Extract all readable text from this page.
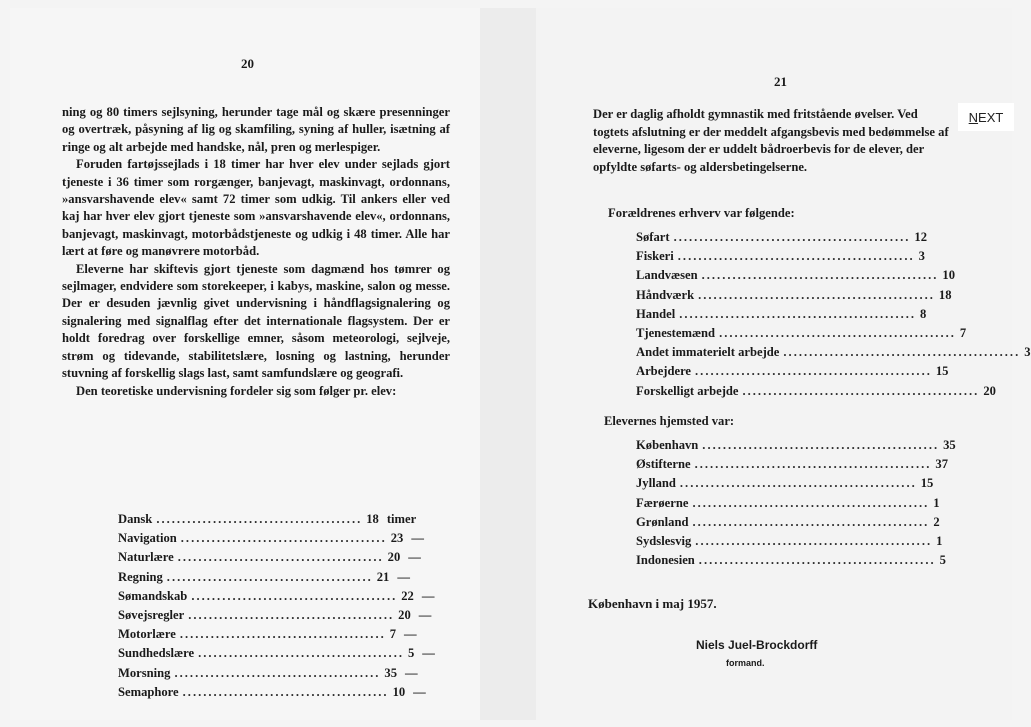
20

ning og 80 timers sejlsyning, herunder tage mål og skære presenninger og overtræk, påsyning af lig og skamfiling, syning af huller, isætning af ringe og alt arbejde med handske, nål, pren og merlespiger.

Foruden fartøjssejlads i 18 timer har hver elev under sejlads gjort tjeneste i 36 timer som rorgænger, banjevagt, maskinvagt, ordonnans, »ansvarshavende elev« samt 72 timer som udkig. Til ankers eller ved kaj har hver elev gjort tjeneste som »ansvarshavende elev«, ordonnans, banjevagt, maskinvagt, motorbådstjeneste og udkig i 48 timer. Alle har lært at føre og manøvrere motorbåd.

Eleverne har skiftevis gjort tjeneste som dagmænd hos tømrer og sejlmager, endvidere som storekeeper, i kabys, maskine, salon og messe. Der er desuden jævnlig givet undervisning i håndflagsignalering og signalering med signalflag efter det internationale flagsystem. Der er holdt foredrag over forskellige emner, såsom meteorologi, sejlveje, strøm og tidevande, stabilitetslære, losning og lastning, herunder stuvning af forskellig slags last, samt samfundslære og geografi.

Den teoretiske undervisning fordeler sig som følger pr. elev:

Dansk ........................................ 18 timer
Navigation ........................................ 23 —
Naturlære ........................................ 20 —
Regning ........................................ 21 —
Sømandskab ........................................ 22 —
Søvejsregler ........................................ 20 —
Motorlære ........................................ 7 —
Sundhedslære ........................................ 5 —
Morsning ........................................ 35 —
Semaphore ........................................ 10 —
21

Der er daglig afholdt gymnastik med fritstående øvelser. Ved togtets afslutning er der meddelt afgangsbevis med bedømmelse af eleverne, ligesom der er uddelt bådroerbevis for de elever, der opfyldte søfarts- og aldersbetingelserne.

Forældrenes erhverv var følgende:
Søfart .............................................. 12
Fiskeri .............................................. 3
Landvæsen .............................................. 10
Håndværk .............................................. 18
Handel .............................................. 8
Tjenestemænd .............................................. 7
Andet immaterielt arbejde .............................................. 3
Arbejdere .............................................. 15
Forskelligt arbejde .............................................. 20
Elevernes hjemsted var:
København .............................................. 35
Østifterne .............................................. 37
Jylland .............................................. 15
Færøerne .............................................. 1
Grønland .............................................. 2
Sydslesvig .............................................. 1
Indonesien .............................................. 5
København i maj 1957.
Niels Juel-Brockdorff
formand.
N EXT
